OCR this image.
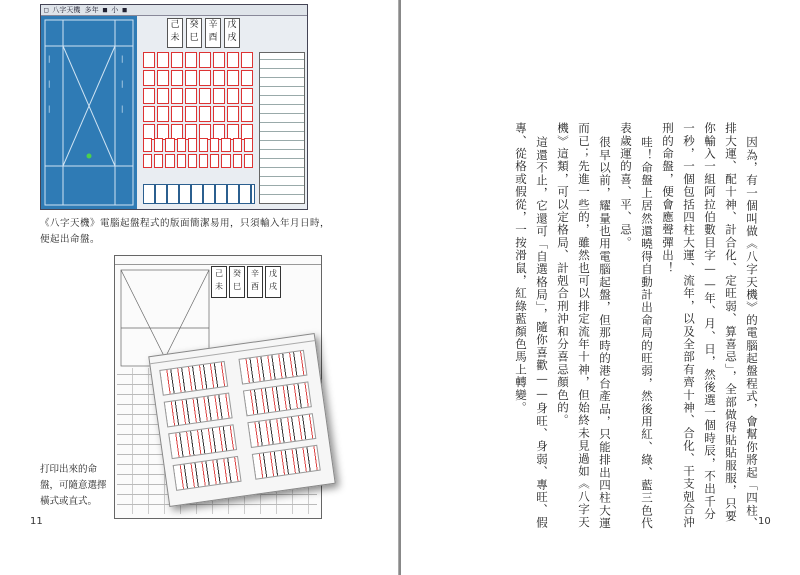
□ 八字天機 多年 ■ 小 ■
|
|
|
|
|
|
己未
癸巳
辛酉
戊戌
《八字天機》電腦起盤程式的版面簡潔易用，只須輸入年月日時，便起出命盤。
己未
癸巳
辛酉
戊戌
打印出來的命盤，可隨意選擇橫式或直式。
11	因為，有一個叫做《八字天機》的電腦起盤程式，會幫你將起「四柱、排大運、配十神、計合化、定旺弱、算喜忌」，全部做得貼貼服服，只要你輸入一組阿拉伯數目字——年、月、日，然後選一個時辰，不出千分一秒，一個包括四柱大運、流年，以及全部有齊十神、合化、干支剋合沖刑的命盤，便會應聲彈出！

哇！命盤上居然還曉得自動計出命局的旺弱，然後用紅、綠、藍三色代表歲運的喜、平、忌。

很早以前，耀量也用電腦起盤，但那時的港台產品，只能排出四柱大運而已；先進一些的，雖然也可以排定流年十神，但始終未見過如《八字天機》這類，可以定格局、計剋合刑沖和分喜忌顏色的。

這還不止，它還可「自選格局」，隨你喜歡——身旺、身弱、專旺、假專、從格或假從，一按滑鼠，紅綠藍顏色馬上轉變。

10
